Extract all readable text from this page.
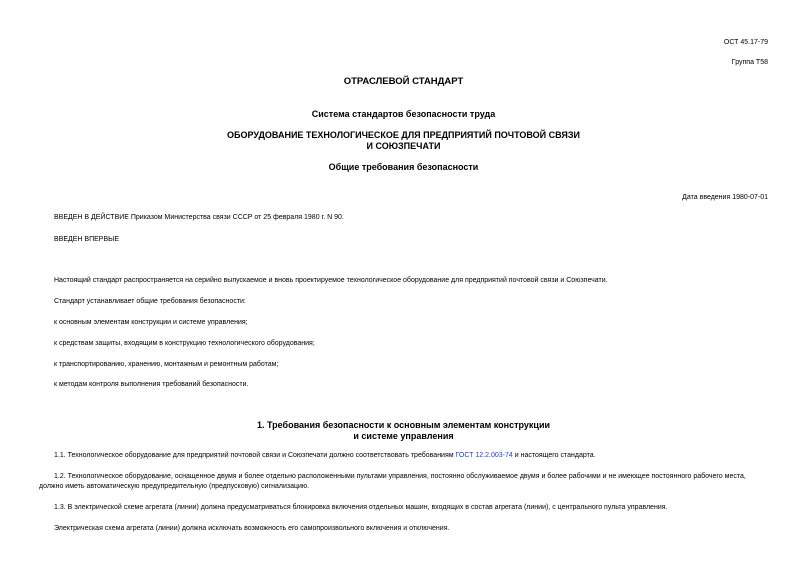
ОСТ 45.17-79
Группа Т58
ОТРАСЛЕВОЙ СТАНДАРТ
Система стандартов безопасности труда
ОБОРУДОВАНИЕ ТЕХНОЛОГИЧЕСКОЕ ДЛЯ ПРЕДПРИЯТИЙ ПОЧТОВОЙ СВЯЗИ
И СОЮЗПЕЧАТИ
Общие требования безопасности
Дата введения 1980-07-01
ВВЕДЕН В ДЕЙСТВИЕ Приказом Министерства связи СССР от 25 февраля 1980 г. N 90.
ВВЕДЕН ВПЕРВЫЕ
Настоящий стандарт распространяется на серийно выпускаемое и вновь проектируемое технологическое оборудование для предприятий почтовой связи и Союзпечати.
Стандарт устанавливает общие требования безопасности:
к основным элементам конструкции и системе управления;
к средствам защиты, входящим в конструкцию технологического оборудования;
к транспортированию, хранению, монтажным и ремонтным работам;
к методам контроля выполнения требований безопасности.
1. Требования безопасности к основным элементам конструкции
и системе управления
1.1. Технологическое оборудование для предприятий почтовой связи и Союзпечати должно соответствовать требованиям ГОСТ 12.2.003-74 и настоящего стандарта.
1.2. Технологическое оборудование, оснащенное двумя и более отдельно расположенными пультами управления, постоянно обслуживаемое двумя и более рабочими и не имеющее постоянного рабочего места,
должно иметь автоматическую предупредительную (предпусковую) сигнализацию.
1.3. В электрической схеме агрегата (линии) должна предусматриваться блокировка включения отдельных машин, входящих в состав агрегата (линии), с центрального пульта управления.
Электрическая схема агрегата (линии) должна исключать возможность его самопроизвольного включения и отключения.
